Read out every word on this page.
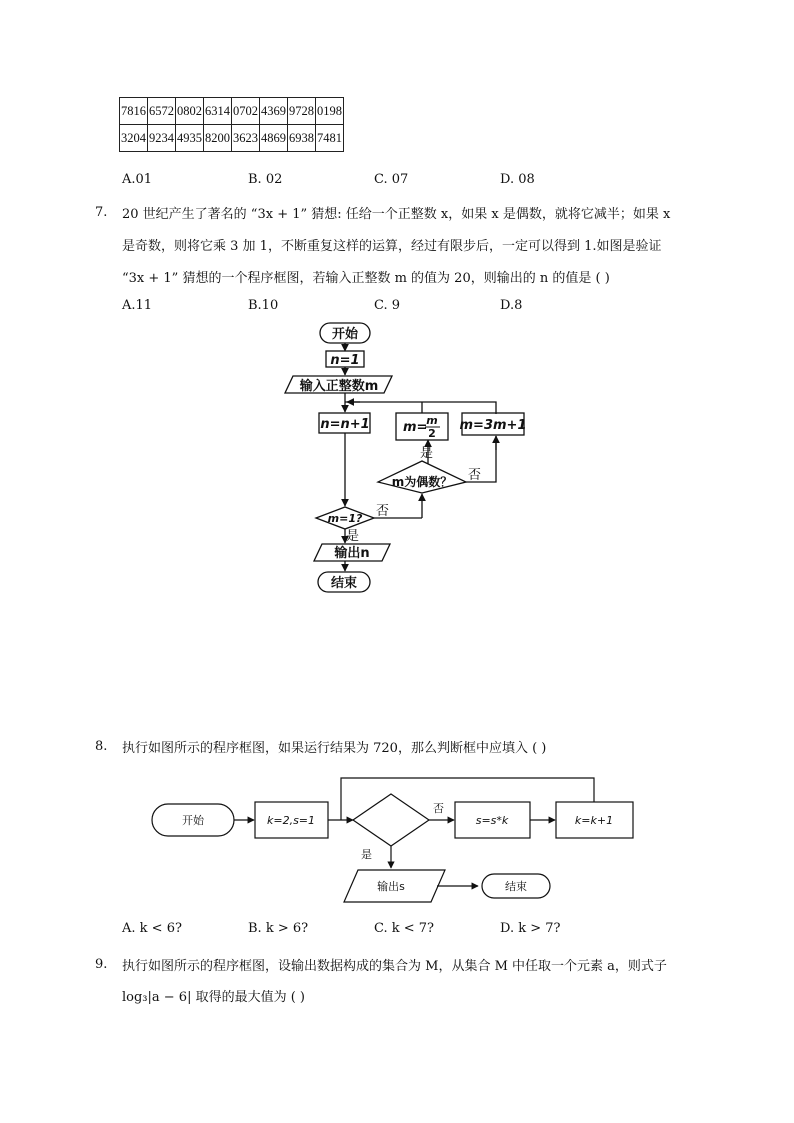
7816	6572	0802	6314	0702	4369	9728	0198
3204	9234	4935	8200	3623	4869	6938	7481
A.01	B. 02	C. 07	D. 08
7. 20 世纪产生了著名的 “3x + 1” 猜想: 任给一个正整数 x，如果 x 是偶数，就将它减半；如果 x
是奇数，则将它乘 3 加 1，不断重复这样的运算，经过有限步后，一定可以得到 1.如图是验证
“3x + 1” 猜想的一个程序框图，若输入正整数 m 的值为 20，则输出的 n 的值是 ( )
A.11	B.10	C. 9	D.8
开始
n=1
输入正整数m
n=n+1	m=
m
2
m=3m+1
m为偶数？
是
否
m=1? 否
是
输出n
结束
8. 执行如图所示的程序框图，如果运行结果为 720，那么判断框中应填入 ( )
开始	k=2,s=1
否
s=s*k	k=k+1
是
输出s	结束
A. k < 6?	B. k > 6?	C. k < 7?	D. k > 7?
9. 执行如图所示的程序框图，设输出数据构成的集合为 M，从集合 M 中任取一个元素 a，则式子
log₃|a − 6| 取得的最大值为 ( )
